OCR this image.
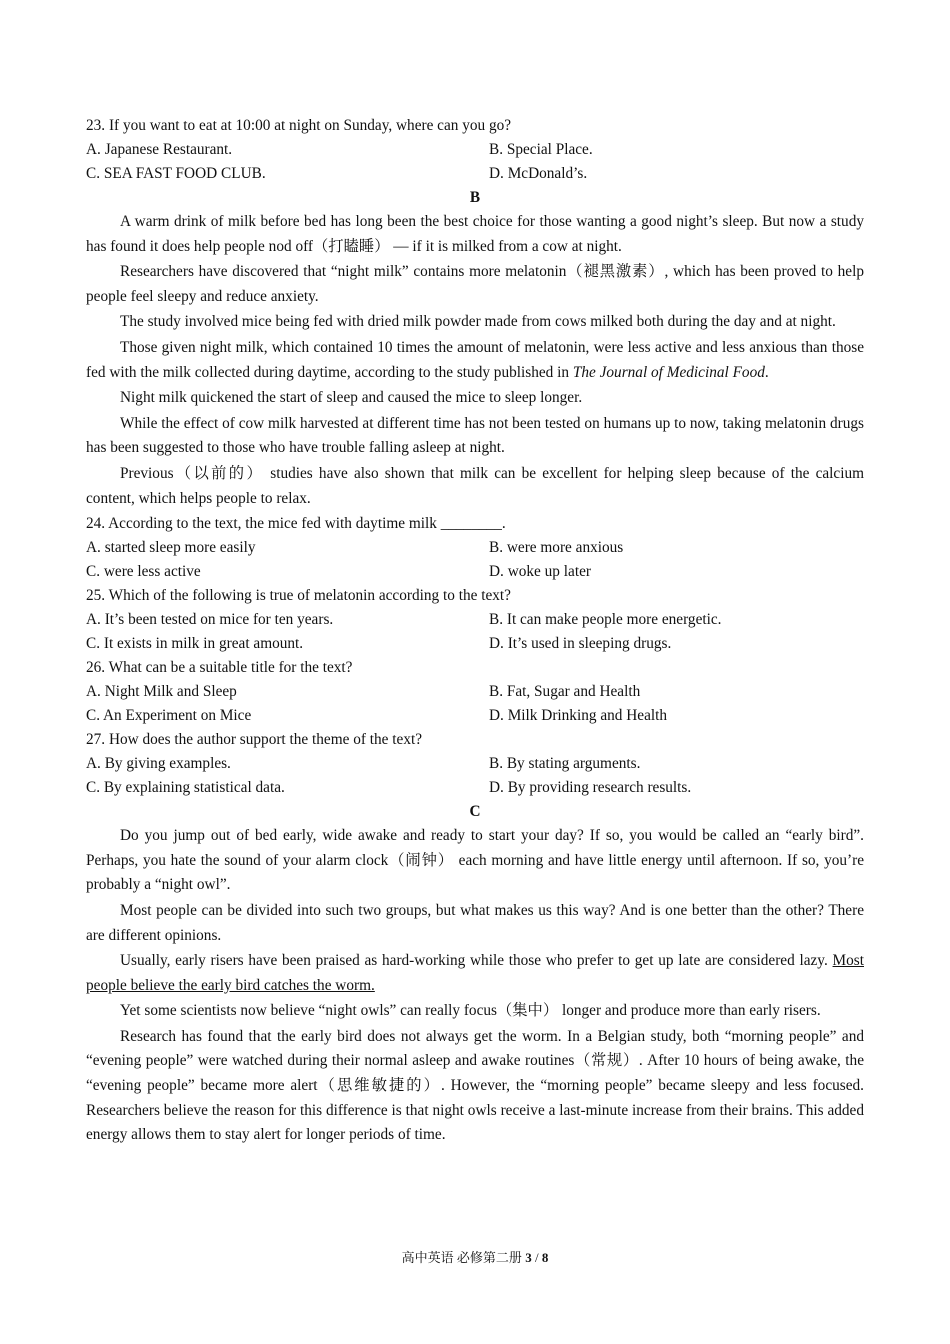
23. If you want to eat at 10:00 at night on Sunday, where can you go?
A. Japanese Restaurant.	B. Special Place.
C. SEA FAST FOOD CLUB.	D. McDonald’s.
B

A warm drink of milk before bed has long been the best choice for those wanting a good night’s sleep. But now a study has found it does help people nod off（打瞌睡） — if it is milked from a cow at night.

Researchers have discovered that “night milk” contains more melatonin（褪黑激素）, which has been proved to help people feel sleepy and reduce anxiety.

The study involved mice being fed with dried milk powder made from cows milked both during the day and at night.

Those given night milk, which contained 10 times the amount of melatonin, were less active and less anxious than those fed with the milk collected during daytime, according to the study published in The Journal of Medicinal Food.

Night milk quickened the start of sleep and caused the mice to sleep longer.

While the effect of cow milk harvested at different time has not been tested on humans up to now, taking melatonin drugs has been suggested to those who have trouble falling asleep at night.

Previous（以前的） studies have also shown that milk can be excellent for helping sleep because of the calcium content, which helps people to relax.

24. According to the text, the mice fed with daytime milk ________.
A. started sleep more easily	B. were more anxious
C. were less active	D. woke up later
25. Which of the following is true of melatonin according to the text?
A. It’s been tested on mice for ten years.	B. It can make people more energetic.
C. It exists in milk in great amount.	D. It’s used in sleeping drugs.
26. What can be a suitable title for the text?
A. Night Milk and Sleep	B. Fat, Sugar and Health
C. An Experiment on Mice	D. Milk Drinking and Health
27. How does the author support the theme of the text?
A. By giving examples.	B. By stating arguments.
C. By explaining statistical data.	D. By providing research results.
C

Do you jump out of bed early, wide awake and ready to start your day? If so, you would be called an “early bird”. Perhaps, you hate the sound of your alarm clock（闹钟） each morning and have little energy until afternoon. If so, you’re probably a “night owl”.

Most people can be divided into such two groups, but what makes us this way? And is one better than the other? There are different opinions.

Usually, early risers have been praised as hard-working while those who prefer to get up late are considered lazy. Most people believe the early bird catches the worm.

Yet some scientists now believe “night owls” can really focus（集中） longer and produce more than early risers.

Research has found that the early bird does not always get the worm. In a Belgian study, both “morning people” and “evening people” were watched during their normal asleep and awake routines（常规）. After 10 hours of being awake, the “evening people” became more alert（思维敏捷的）. However, the “morning people” became sleepy and less focused. Researchers believe the reason for this difference is that night owls receive a last-minute increase from their brains. This added energy allows them to stay alert for longer periods of time.

高中英语 必修第二册 3 / 8
